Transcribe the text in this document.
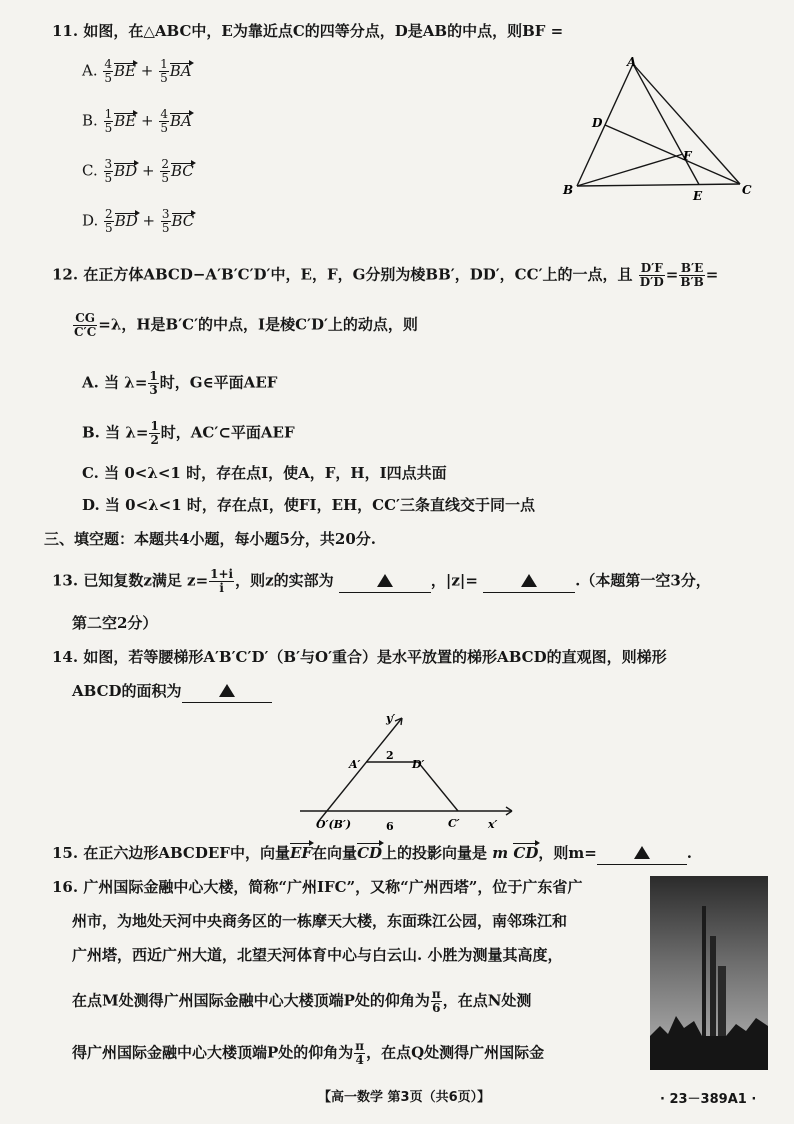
11. 如图，在△ABC中，E为靠近点C的四等分点，D是AB的中点，则BF =
A. $\frac{4}{5}$ BE + $\frac{1}{5}$ BA
B. $\frac{1}{5}$ BE + $\frac{4}{5}$ BA
C. $\frac{3}{5}$ BD + $\frac{2}{5}$ BC
D. $\frac{2}{5}$ BD + $\frac{3}{5}$ BC
A
B	C
D
E
F
12. 在正方体ABCD−A′B′C′D′中，E，F，G分别为棱BB′，DD′，CC′上的一点，且 $\frac{D'F}{D'D} = \frac{B'E}{B'B}$ =
$\frac{CG}{C'C} =\lambda$，H是B′C′的中点，I是棱C′D′上的动点，则
A. 当 $\lambda= \frac{1}{3}$ 时，G∈平面AEF
B. 当 $\lambda= \frac{1}{2}$ 时，AC′⊂平面AEF
C. 当 0<λ<1 时，存在点I，使A，F，H，I四点共面
D. 当 0<λ<1 时，存在点I，使FI，EH，CC′三条直线交于同一点
三、填空题：本题共4小题，每小题5分，共20分.
13. 已知复数z满足 $z= \frac{1+i}{i}$ ，则z的实部为	，|z|=	.（本题第一空3分，
第二空2分）
14. 如图，若等腰梯形A′B′C′D′（B′与O′重合）是水平放置的梯形ABCD的直观图，则梯形
ABCD的面积为
y′
x′
A′	D′
O′(B′)	C′
2
6
15. 在正六边形ABCDEF中，向量EF在向量CD上的投影向量是 m CD，则m=	.
16. 广州国际金融中心大楼，简称“广州IFC”，又称“广州西塔”，位于广东省广
州市，为地处天河中央商务区的一栋摩天大楼，东面珠江公园，南邻珠江和
广州塔，西近广州大道，北望天河体育中心与白云山. 小胜为测量其高度，
在点M处测得广州国际金融中心大楼顶端P处的仰角为 $\frac{\pi}{6}$ ，在点N处测
得广州国际金融中心大楼顶端P处的仰角为 $\frac{\pi}{4}$ ，在点Q处测得广州国际金
【高一数学 第3页（共6页）】	· 23－389A1 ·
